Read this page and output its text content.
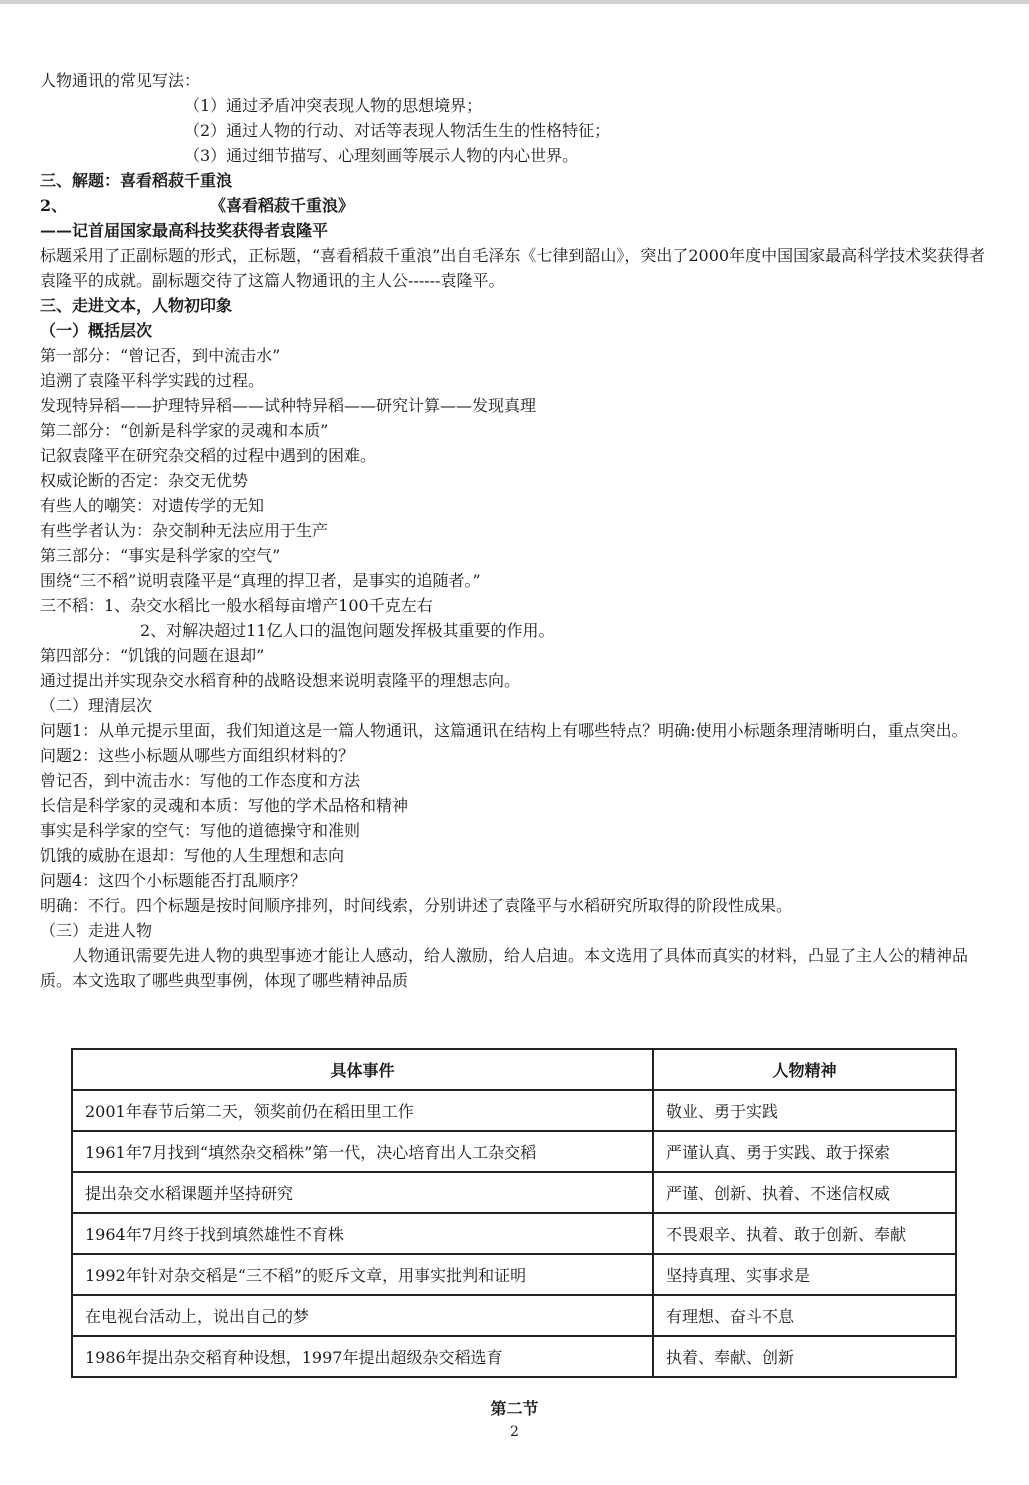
人物通讯的常见写法：
（1）通过矛盾冲突表现人物的思想境界；
（2）通过人物的行动、对话等表现人物活生生的性格特征；
（3）通过细节描写、心理刻画等展示人物的内心世界。
三、解题：喜看稻菽千重浪
2、	《喜看稻菽千重浪》
——记首届国家最高科技奖获得者袁隆平
标题采用了正副标题的形式，正标题，“喜看稻菽千重浪”出自毛泽东《七律到韶山》，突出了2000年度中国国家最高科学技术奖获得者袁隆平的成就。副标题交待了这篇人物通讯的主人公------袁隆平。
三、走进文本，人物初印象
（一）概括层次
第一部分：“曾记否，到中流击水”
追溯了袁隆平科学实践的过程。
发现特异稻——护理特异稻——试种特异稻——研究计算——发现真理
第二部分：“创新是科学家的灵魂和本质”
记叙袁隆平在研究杂交稻的过程中遇到的困难。
权威论断的否定：杂交无优势
有些人的嘲笑：对遗传学的无知
有些学者认为：杂交制种无法应用于生产
第三部分：“事实是科学家的空气”
围绕“三不稻”说明袁隆平是“真理的捍卫者，是事实的追随者。”
三不稻：1、杂交水稻比一般水稻每亩增产100千克左右
2、对解决超过11亿人口的温饱问题发挥极其重要的作用。
第四部分：“饥饿的问题在退却”
通过提出并实现杂交水稻育种的战略设想来说明袁隆平的理想志向。
（二）理清层次
问题1：从单元提示里面，我们知道这是一篇人物通讯，这篇通讯在结构上有哪些特点？明确:使用小标题条理清晰明白，重点突出。
问题2：这些小标题从哪些方面组织材料的？
曾记否，到中流击水：写他的工作态度和方法
长信是科学家的灵魂和本质：写他的学术品格和精神
事实是科学家的空气：写他的道德操守和准则
饥饿的威胁在退却：写他的人生理想和志向
问题4：这四个小标题能否打乱顺序？
明确：不行。四个标题是按时间顺序排列，时间线索，分别讲述了袁隆平与水稻研究所取得的阶段性成果。
（三）走进人物
人物通讯需要先进人物的典型事迹才能让人感动，给人激励，给人启迪。本文选用了具体而真实的材料，凸显了主人公的精神品质。本文选取了哪些典型事例，体现了哪些精神品质
具体事件	人物精神
2001年春节后第二天，领奖前仍在稻田里工作	敬业、勇于实践
1961年7月找到“填然杂交稻株”第一代，决心培育出人工杂交稻	严谨认真、勇于实践、敢于探索
提出杂交水稻课题并坚持研究	严谨、创新、执着、不迷信权威
1964年7月终于找到填然雄性不育株	不畏艰辛、执着、敢于创新、奉献
1992年针对杂交稻是“三不稻”的贬斥文章，用事实批判和证明	坚持真理、实事求是
在电视台活动上，说出自己的梦	有理想、奋斗不息
1986年提出杂交稻育种设想，1997年提出超级杂交稻选育	执着、奉献、创新
第二节
2
